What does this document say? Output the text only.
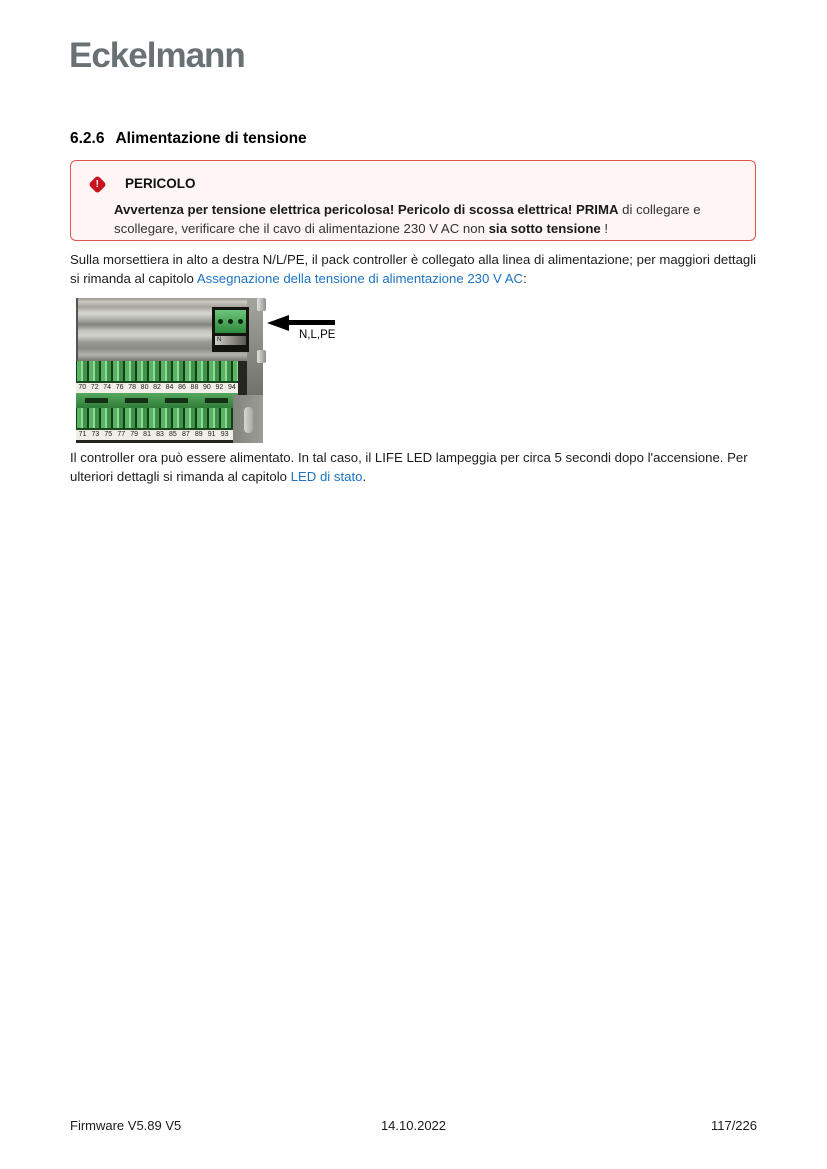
Eckelmann
6.2.6 Alimentazione di tensione
! PERICOLO

Avvertenza per tensione elettrica pericolosa! Pericolo di scossa elettrica! PRIMA di collegare e scollegare, verificare che il cavo di alimentazione 230 V AC non sia sotto tensione !

Sulla morsettiera in alto a destra N/L/PE, il pack controller è collegato alla linea di alimentazione; per maggiori dettagli si rimanda al capitolo Assegnazione della tensione di alimentazione 230 V AC:

N
70 72 74 76 78 80 82 84 86 88 90 92 94
71 73 75 77 79 81 83 85 87 89 91 93
N,L,PE

Il controller ora può essere alimentato. In tal caso, il LIFE LED lampeggia per circa 5 secondi dopo l'accensione. Per ulteriori dettagli si rimanda al capitolo LED di stato.

14.10.2022
Firmware V5.89 V5	117/226
